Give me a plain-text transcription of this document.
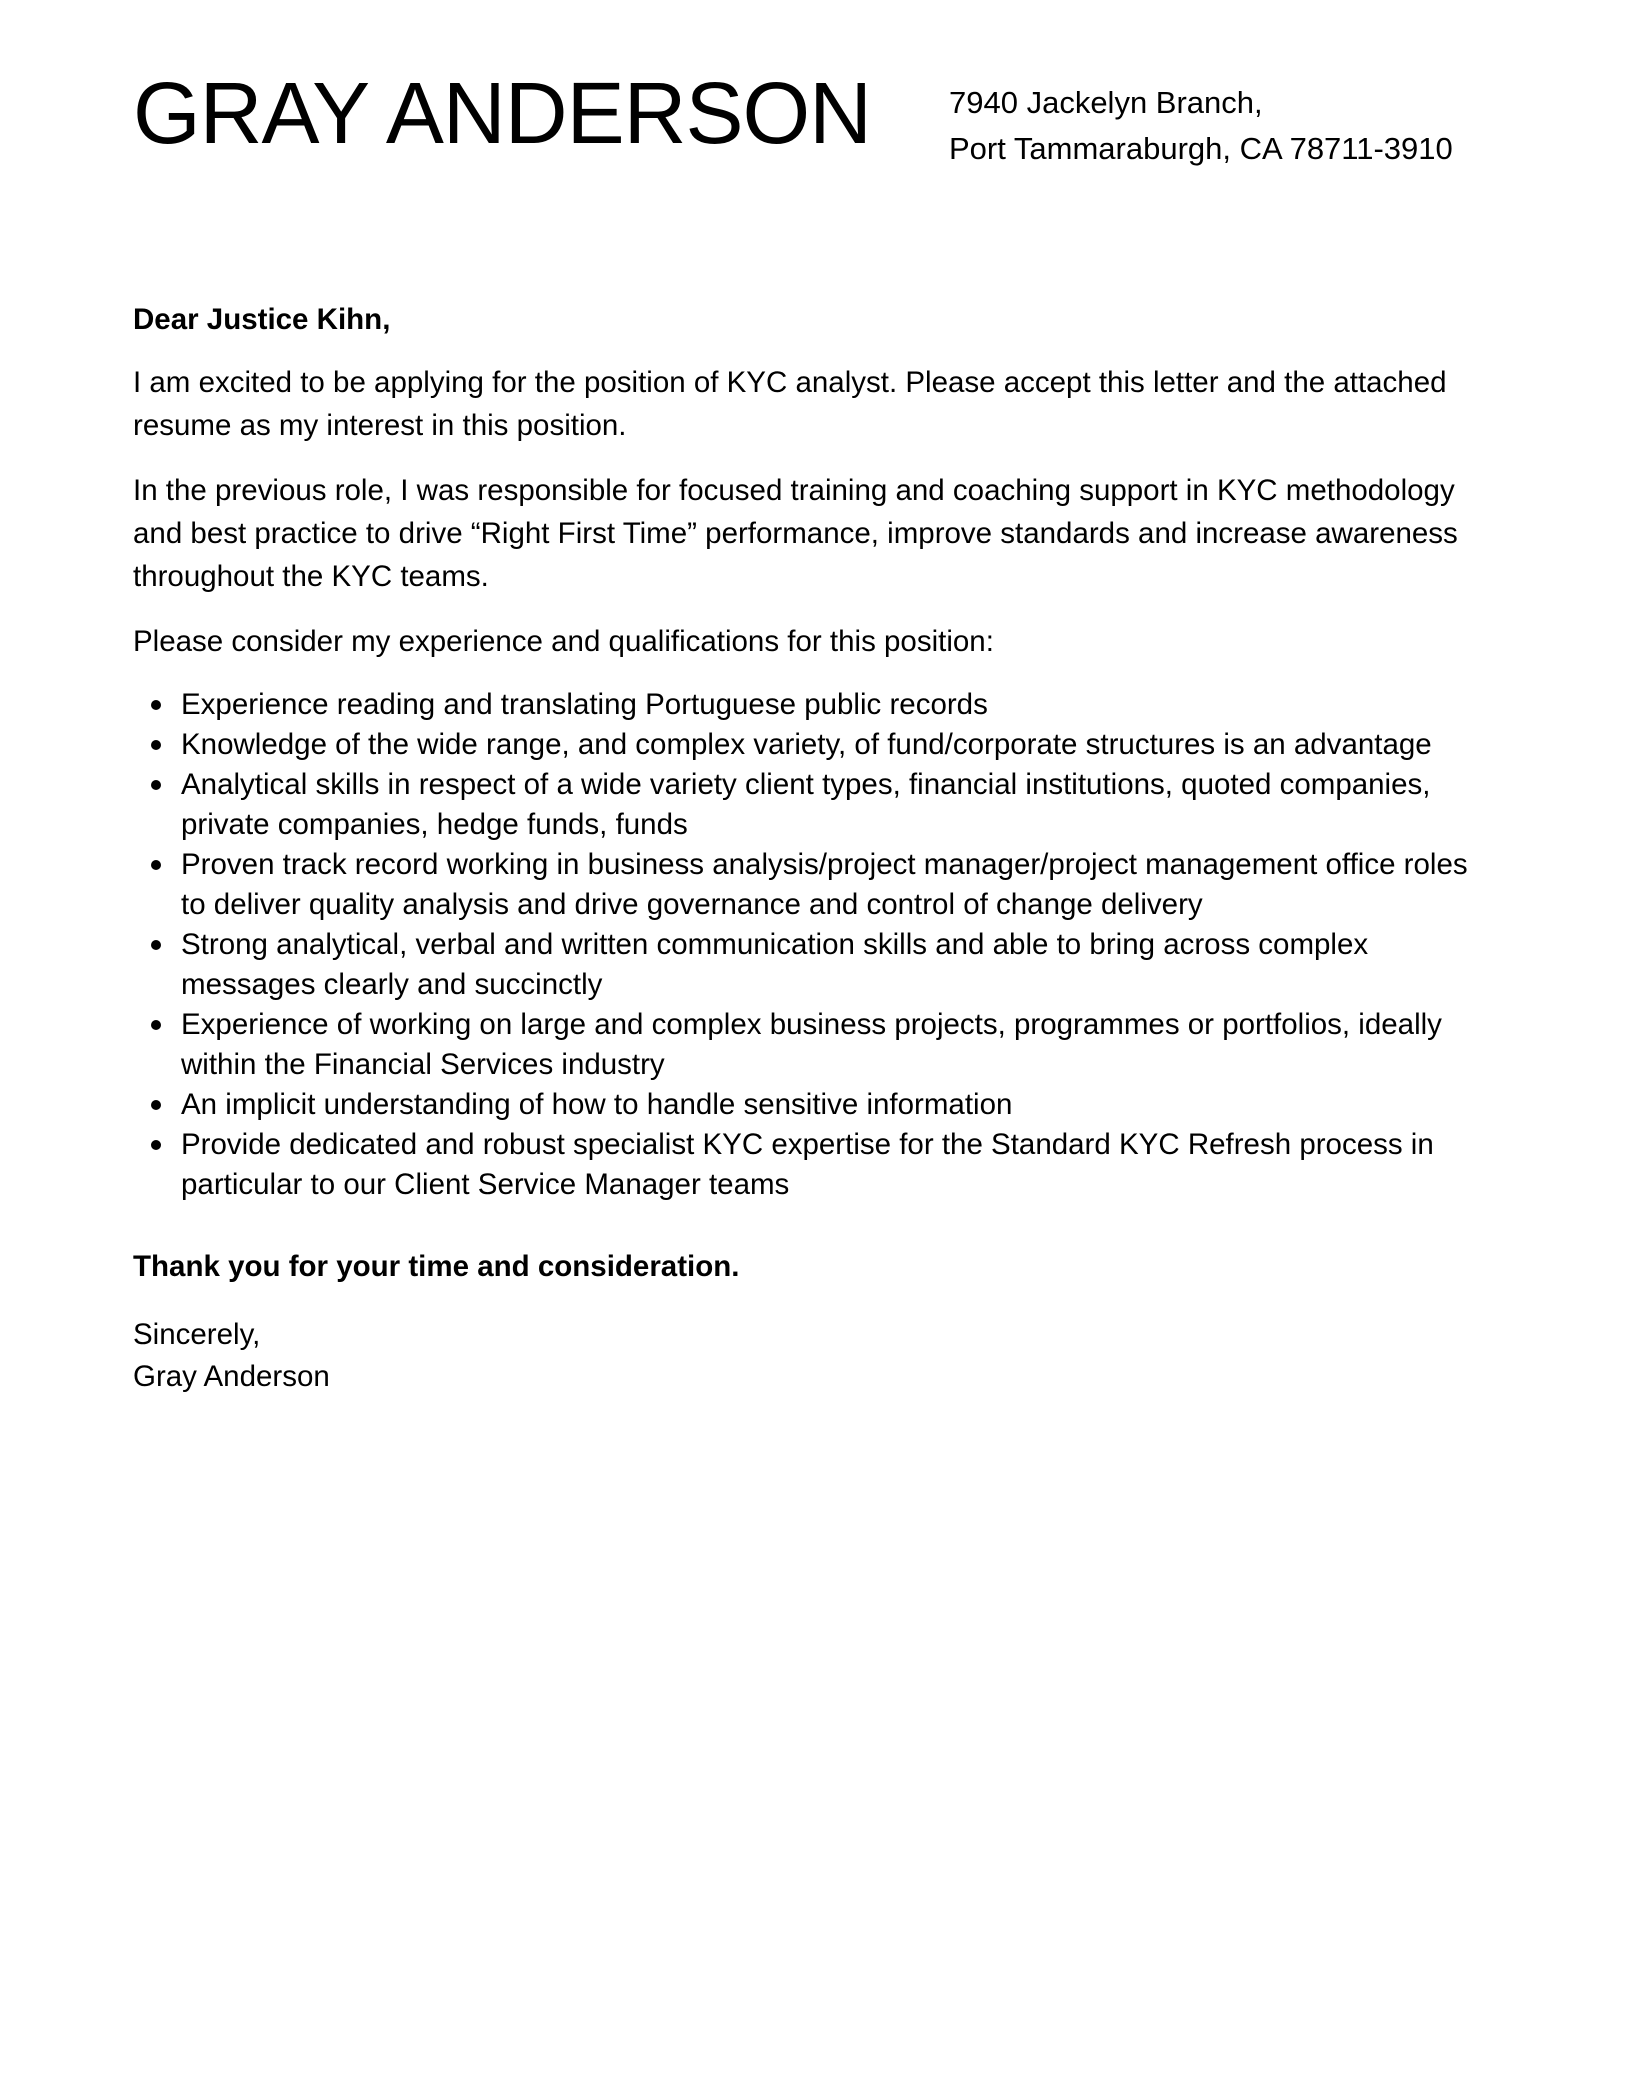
GRAY ANDERSON	7940 Jackelyn Branch,
Port Tammaraburgh, CA 78711-3910

Dear Justice Kihn,

I am excited to be applying for the position of KYC analyst. Please accept this letter and the attached resume as my interest in this position.

In the previous role, I was responsible for focused training and coaching support in KYC methodology and best practice to drive “Right First Time” performance, improve standards and increase awareness throughout the KYC teams.

Please consider my experience and qualifications for this position:

Experience reading and translating Portuguese public records
Knowledge of the wide range, and complex variety, of fund/corporate structures is an advantage
Analytical skills in respect of a wide variety client types, financial institutions, quoted companies, private companies, hedge funds, funds
Proven track record working in business analysis/project manager/project management office roles to deliver quality analysis and drive governance and control of change delivery
Strong analytical, verbal and written communication skills and able to bring across complex messages clearly and succinctly
Experience of working on large and complex business projects, programmes or portfolios, ideally within the Financial Services industry
An implicit understanding of how to handle sensitive information
Provide dedicated and robust specialist KYC expertise for the Standard KYC Refresh process in particular to our Client Service Manager teams

Thank you for your time and consideration.

Sincerely,
Gray Anderson
